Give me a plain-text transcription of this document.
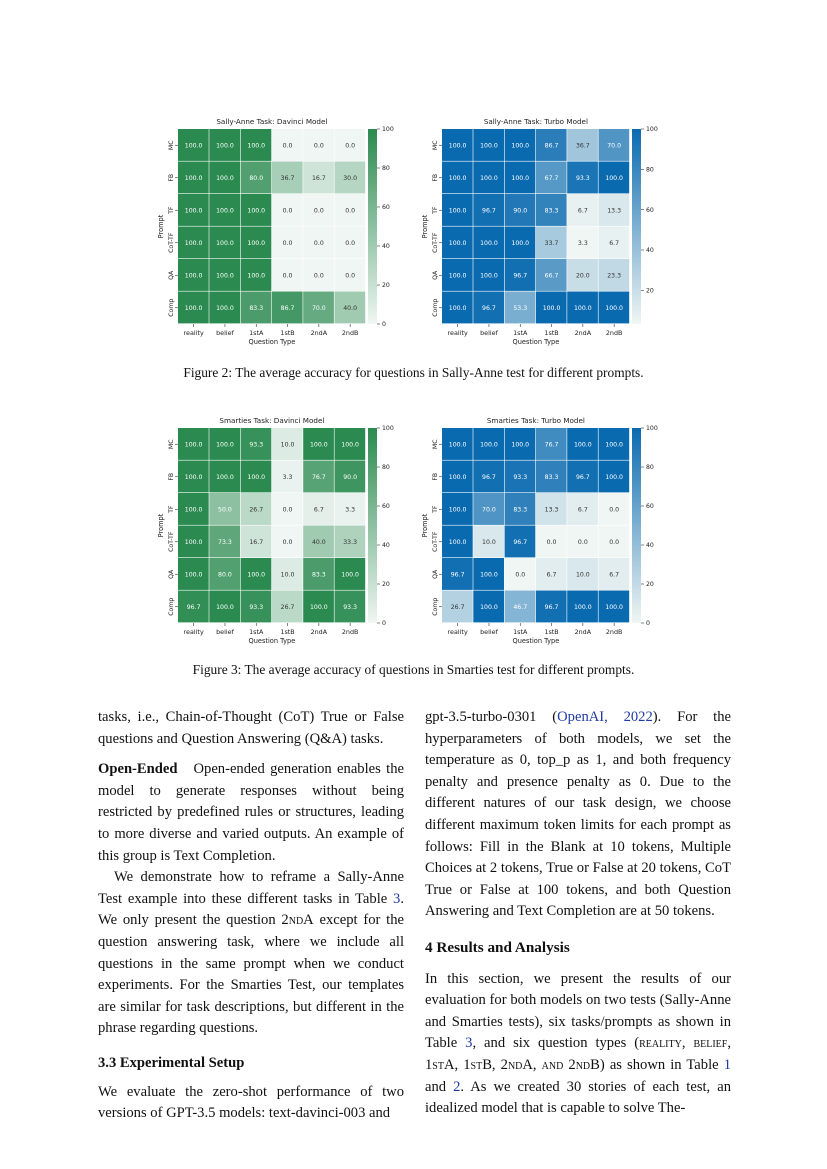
Sally-Anne Task: Davinci Model
100.0 100.0 100.0	0.0	0.0	0.0
100.0 100.0	80.0	36.7	16.7	30.0
100.0 100.0 100.0	0.0	0.0	0.0
100.0 100.0 100.0	0.0	0.0	0.0
100.0 100.0 100.0	0.0	0.0	0.0
100.0 100.0	83.3	86.7	70.0	40.0
reality belief 1stA	1stB 2ndA 2ndB
Question Type
MC
FB
TF
CoT-TF
QA
Comp
Prompt
0
20
40
60
80
100
Sally-Anne Task: Turbo Model
100.0 100.0 100.0	86.7	36.7	70.0
100.0 100.0 100.0	67.7	93.3	100.0
100.0	96.7	90.0	83.3	6.7	13.3
100.0 100.0 100.0	33.7	3.3	6.7
100.0 100.0	96.7	66.7	20.0	23.3
100.0	96.7	53.3	100.0 100.0 100.0
reality belief 1stA	1stB 2ndA 2ndB
Question Type
MC
FB
TF
CoT-TF
QA
Comp
Prompt
20
40
60
80
100
Smarties Task: Davinci Model
100.0 100.0	93.3	10.0	100.0 100.0
100.0 100.0 100.0	3.3	76.7	90.0
100.0	50.0	26.7	0.0	6.7	3.3
100.0	73.3	16.7	0.0	40.0	33.3
100.0	80.0	100.0	10.0	83.3	100.0
96.7	100.0	93.3	26.7	100.0	93.3
reality belief 1stA	1stB 2ndA 2ndB
Question Type
MC
FB
TF
CoT-TF
QA
Comp
Prompt
0
20
40
60
80
100
Smarties Task: Turbo Model
100.0 100.0 100.0	76.7	100.0 100.0
100.0	96.7	93.3	83.3	96.7	100.0
100.0	70.0	83.3	13.3	6.7	0.0
100.0	10.0	96.7	0.0	0.0	0.0
96.7	100.0	0.0	6.7	10.0	6.7
26.7	100.0	46.7	96.7	100.0 100.0
reality belief 1stA	1stB 2ndA 2ndB
Question Type
MC
FB
TF
CoT-TF
QA
Comp
Prompt
0
20
40
60
80
100
Figure 2: The average accuracy for questions in Sally-Anne test for different prompts.
Figure 3: The average accuracy of questions in Smarties test for different prompts.

tasks, i.e., Chain-of-Thought (CoT) True or False questions and Question Answering (Q&A) tasks.

Open-Ended Open-ended generation enables the model to generate responses without being restricted by predefined rules or structures, leading to more diverse and varied outputs. An example of this group is Text Completion.

We demonstrate how to reframe a Sally-Anne Test example into these different tasks in Table 3. We only present the question 2ndA except for the question answering task, where we include all questions in the same prompt when we conduct experiments. For the Smarties Test, our templates are similar for task descriptions, but different in the phrase regarding questions.

3.3 Experimental Setup

We evaluate the zero-shot performance of two versions of GPT-3.5 models: text-davinci-003 and

gpt-3.5-turbo-0301 (OpenAI, 2022). For the hyperparameters of both models, we set the temperature as 0, top_p as 1, and both frequency penalty and presence penalty as 0. Due to the different natures of our task design, we choose different maximum token limits for each prompt as follows: Fill in the Blank at 10 tokens, Multiple Choices at 2 tokens, True or False at 20 tokens, CoT True or False at 100 tokens, and both Question Answering and Text Completion are at 50 tokens.

4 Results and Analysis

In this section, we present the results of our evaluation for both models on two tests (Sally-Anne and Smarties tests), six tasks/prompts as shown in Table 3, and six question types (reality, belief, 1stA, 1stB, 2ndA, and 2ndB) as shown in Table 1 and 2. As we created 30 stories of each test, an idealized model that is capable to solve The-
